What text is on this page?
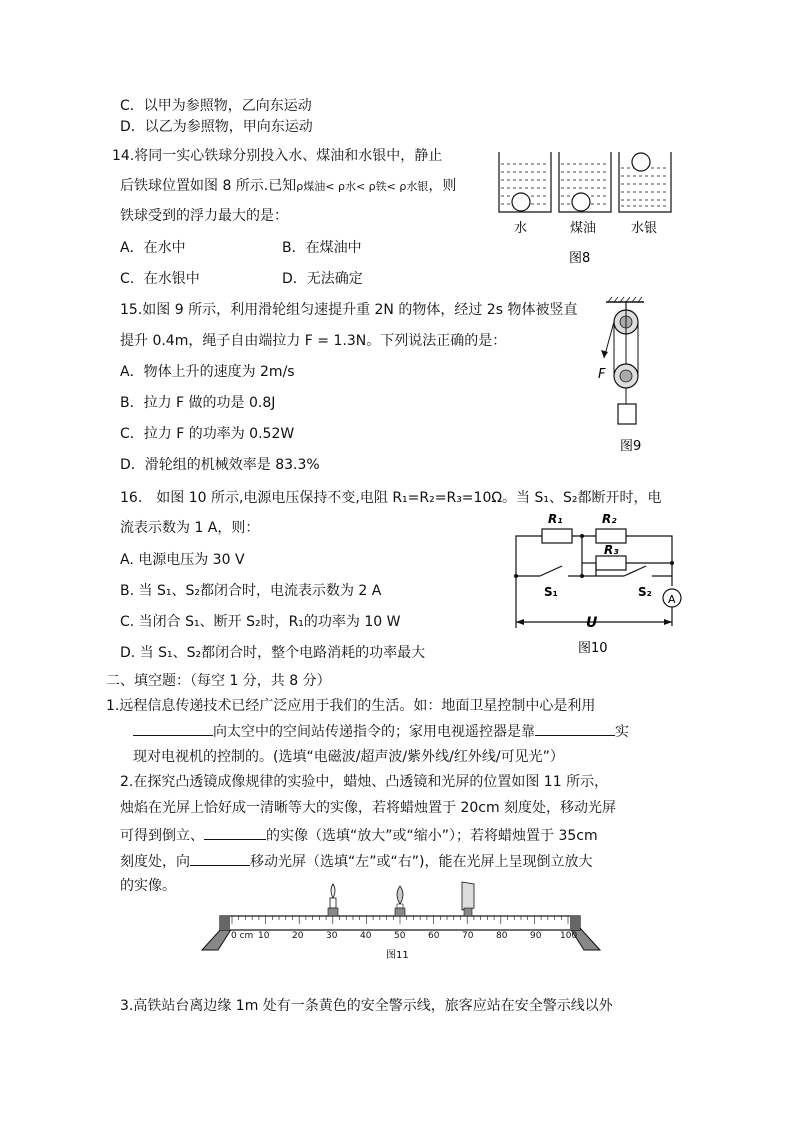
C．以甲为参照物，乙向东运动
D．以乙为参照物，甲向东运动
14.将同一实心铁球分别投入水、煤油和水银中，静止
后铁球位置如图 8 所示.已知ρ煤油< ρ水< ρ铁< ρ水银，则
铁球受到的浮力最大的是：
A．在水中	B．在煤油中
C．在水银中	D．无法确定
水	煤油	水银
图8
15.如图 9 所示，利用滑轮组匀速提升重 2N 的物体，经过 2s 物体被竖直
提升 0.4m，绳子自由端拉力 F = 1.3N。下列说法正确的是：
A．物体上升的速度为 2m/s
B．拉力 F 做的功是 0.8J
C．拉力 F 的功率为 0.52W
D．滑轮组的机械效率是 83.3%
F
图9
16． 如图 10 所示,电源电压保持不变,电阻 R₁=R₂=R₃=10Ω。当 S₁、S₂都断开时，电
流表示数为 1 A，则：
A. 电源电压为 30 V
B. 当 S₁、S₂都闭合时，电流表示数为 2 A
C. 当闭合 S₁、断开 S₂时，R₁的功率为 10 W
D. 当 S₁、S₂都闭合时，整个电路消耗的功率最大
R₁	R₂
R₃
S₁	S₂
A
U
图10
二、填空题：（每空 1 分，共 8 分）
1.远程信息传递技术已经广泛应用于我们的生活。如：地面卫星控制中心是利用
向太空中的空间站传递指令的；家用电视遥控器是靠	实
现对电视机的控制的。(选填“电磁波/超声波/紫外线/红外线/可见光”）
2.在探究凸透镜成像规律的实验中，蜡烛、凸透镜和光屏的位置如图 11 所示，
烛焰在光屏上恰好成一清晰等大的实像，若将蜡烛置于 20cm 刻度处，移动光屏
可得到倒立、	的实像（选填“放大”或“缩小”）；若将蜡烛置于 35cm
刻度处，向	移动光屏（选填“左”或“右”)，能在光屏上呈现倒立放大
的实像。
0 cm 10	20	30	40	50	60	70	80	90 100
图11
3.高铁站台离边缘 1m 处有一条黄色的安全警示线，旅客应站在安全警示线以外
